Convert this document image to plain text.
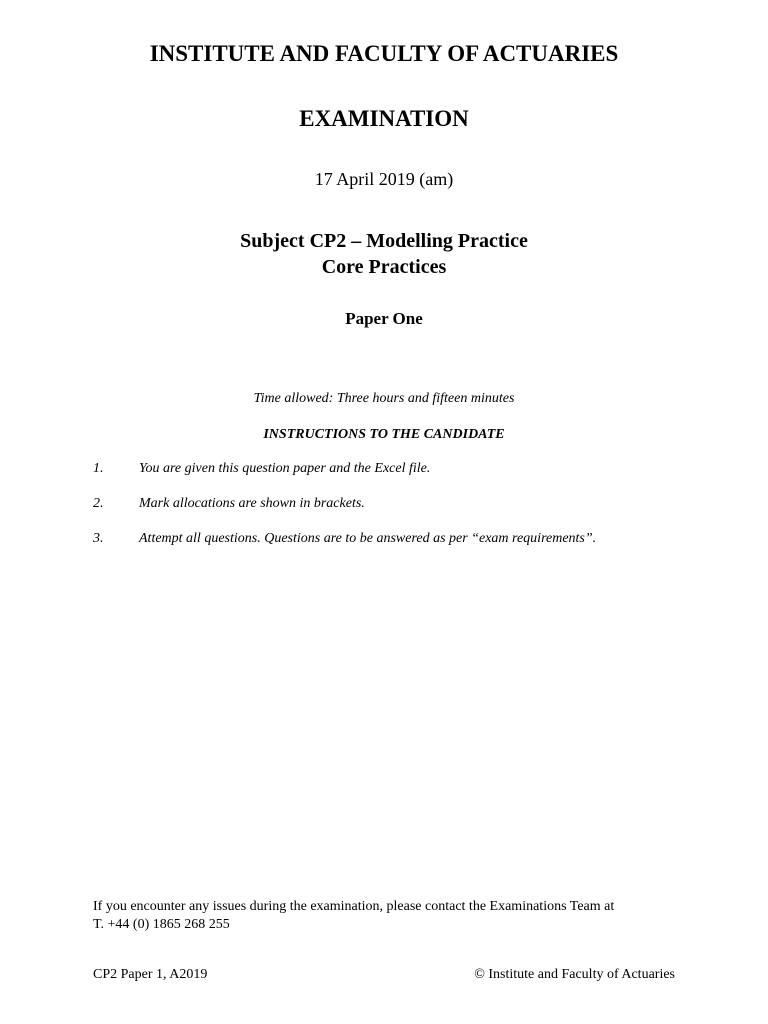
INSTITUTE AND FACULTY OF ACTUARIES
EXAMINATION
17 April 2019 (am)
Subject CP2 – Modelling Practice
Core Practices
Paper One
Time allowed: Three hours and fifteen minutes
INSTRUCTIONS TO THE CANDIDATE
1.	You are given this question paper and the Excel file.
2.	Mark allocations are shown in brackets.
3.	Attempt all questions. Questions are to be answered as per “exam requirements”.
If you encounter any issues during the examination, please contact the Examinations Team at
T. +44 (0) 1865 268 255
CP2 Paper 1, A2019	© Institute and Faculty of Actuaries
